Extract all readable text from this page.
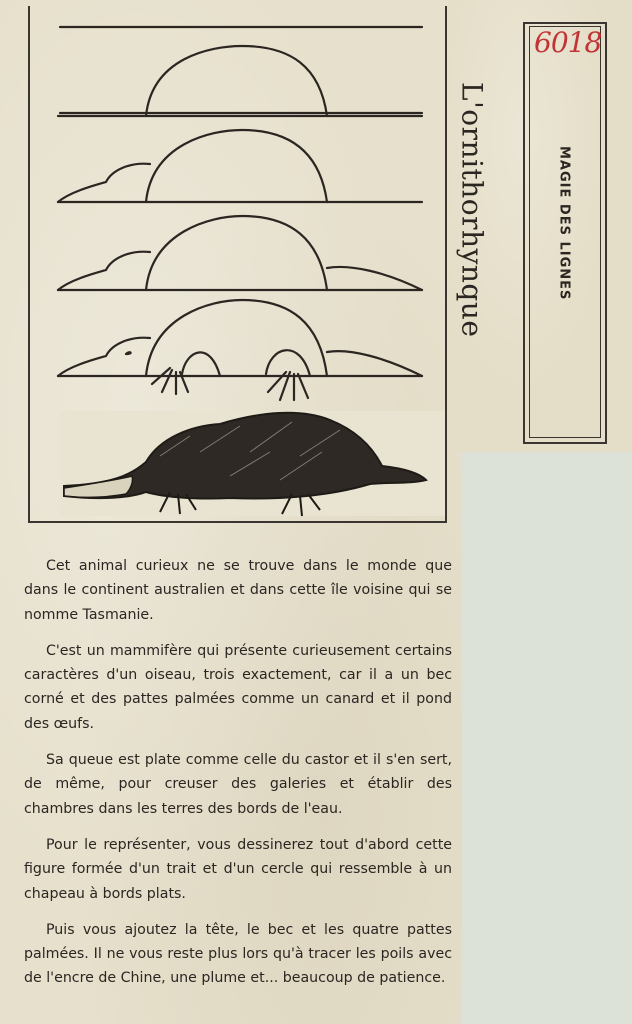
L'ornithorhynque	MAGIE DES LIGNES
6018

Cet animal curieux ne se trouve dans le monde que dans le continent australien et dans cette île voisine qui se nomme Tasmanie.

C'est un mammifère qui présente curieusement certains caractères d'un oiseau, trois exactement, car il a un bec corné et des pattes palmées comme un canard et il pond des œufs.

Sa queue est plate comme celle du castor et il s'en sert, de même, pour creuser des galeries et établir des chambres dans les terres des bords de l'eau.

Pour le représenter, vous dessinerez tout d'abord cette figure formée d'un trait et d'un cercle qui ressemble à un chapeau à bords plats.

Puis vous ajoutez la tête, le bec et les quatre pattes palmées. Il ne vous reste plus lors qu'à tracer les poils avec de l'encre de Chine, une plume et... beaucoup de patience.
